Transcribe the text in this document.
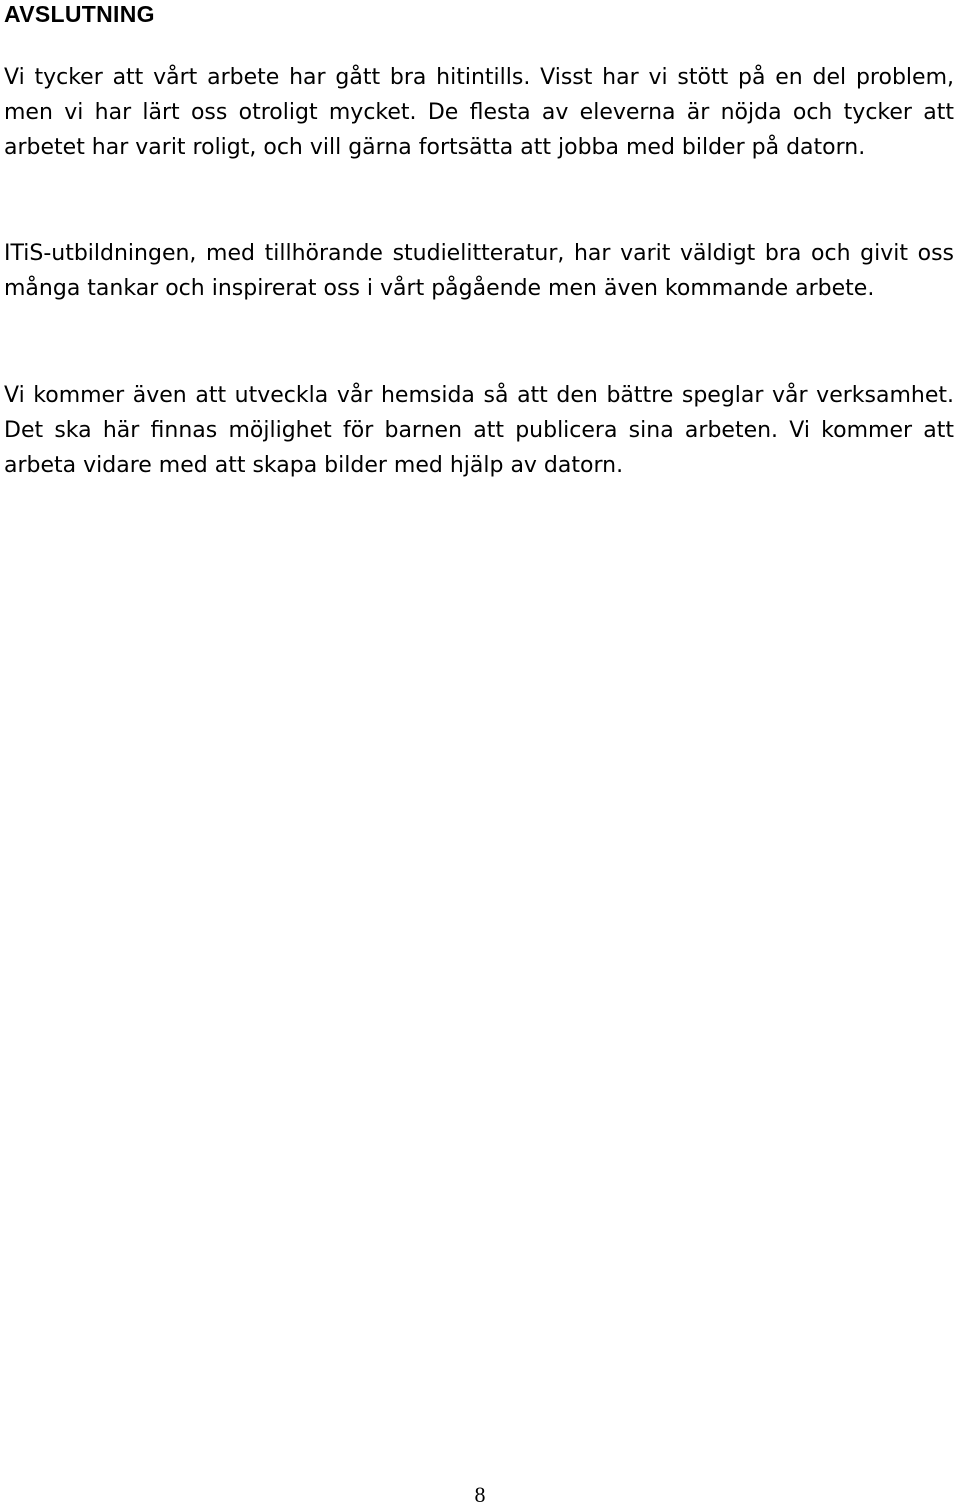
AVSLUTNING

Vi tycker att vårt arbete har gått bra hitintills. Visst har vi stött på en del problem, men vi har lärt oss otroligt mycket. De flesta av eleverna är nöjda och tycker att arbetet har varit roligt, och vill gärna fortsätta att jobba med bilder på datorn.

ITiS-utbildningen, med tillhörande studielitteratur, har varit väldigt bra och givit oss många tankar och inspirerat oss i vårt pågående men även kommande arbete.

Vi kommer även att utveckla vår hemsida så att den bättre speglar vår verksamhet. Det ska här finnas möjlighet för barnen att publicera sina arbeten. Vi kommer att arbeta vidare med att skapa bilder med hjälp av datorn.

8
